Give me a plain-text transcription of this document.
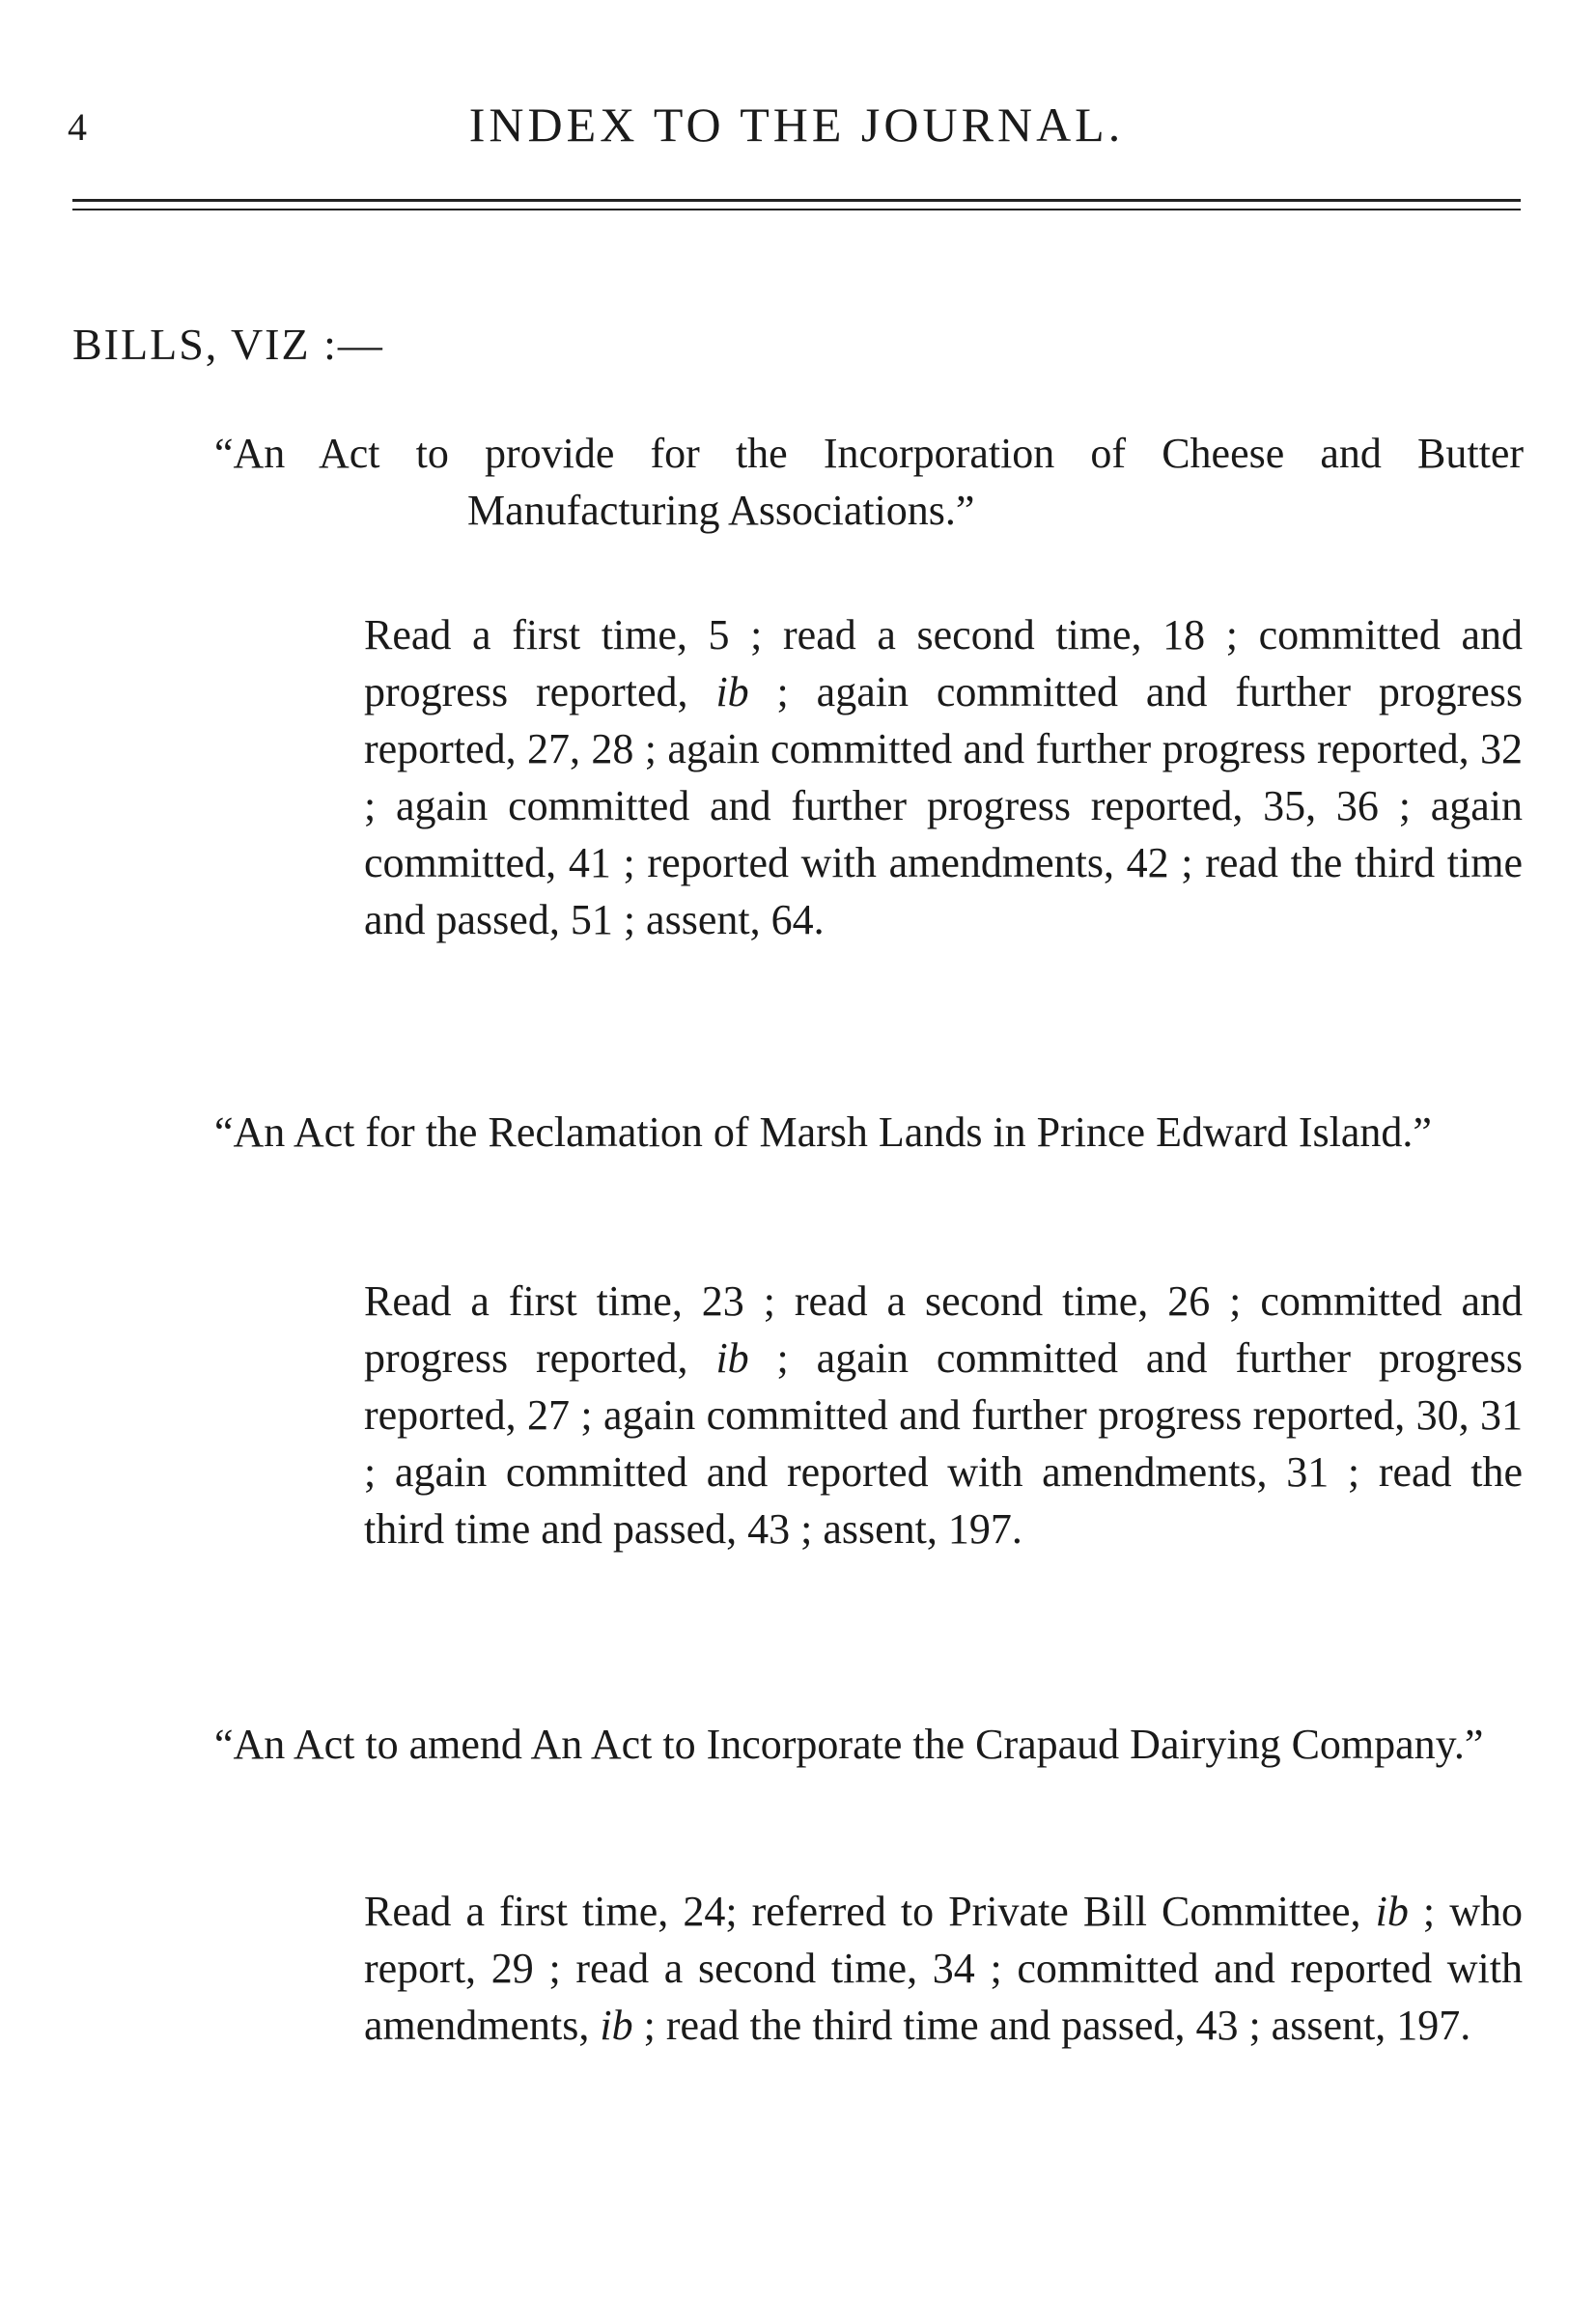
4	INDEX TO THE JOURNAL.
BILLS, VIZ :—
“An Act to provide for the Incorporation of Cheese and Butter Manufacturing Associations.”
Read a first time, 5 ; read a second time, 18 ; committed and progress reported, ib ; again committed and further progress reported, 27, 28 ; again committed and further progress reported, 32 ; again committed and further progress reported, 35, 36 ; again committed, 41 ; reported with amendments, 42 ; read the third time and passed, 51 ; assent, 64.
“An Act for the Reclamation of Marsh Lands in Prince Edward Island.”
Read a first time, 23 ; read a second time, 26 ; committed and progress reported, ib ; again committed and further progress reported, 27 ; again committed and further progress reported, 30, 31 ; again committed and reported with amendments, 31 ; read the third time and passed, 43 ; assent, 197.
“An Act to amend An Act to Incorporate the Crapaud Dairying Company.”
Read a first time, 24; referred to Private Bill Committee, ib ; who report, 29 ; read a second time, 34 ; committed and reported with amendments, ib ; read the third time and passed, 43 ; assent, 197.
